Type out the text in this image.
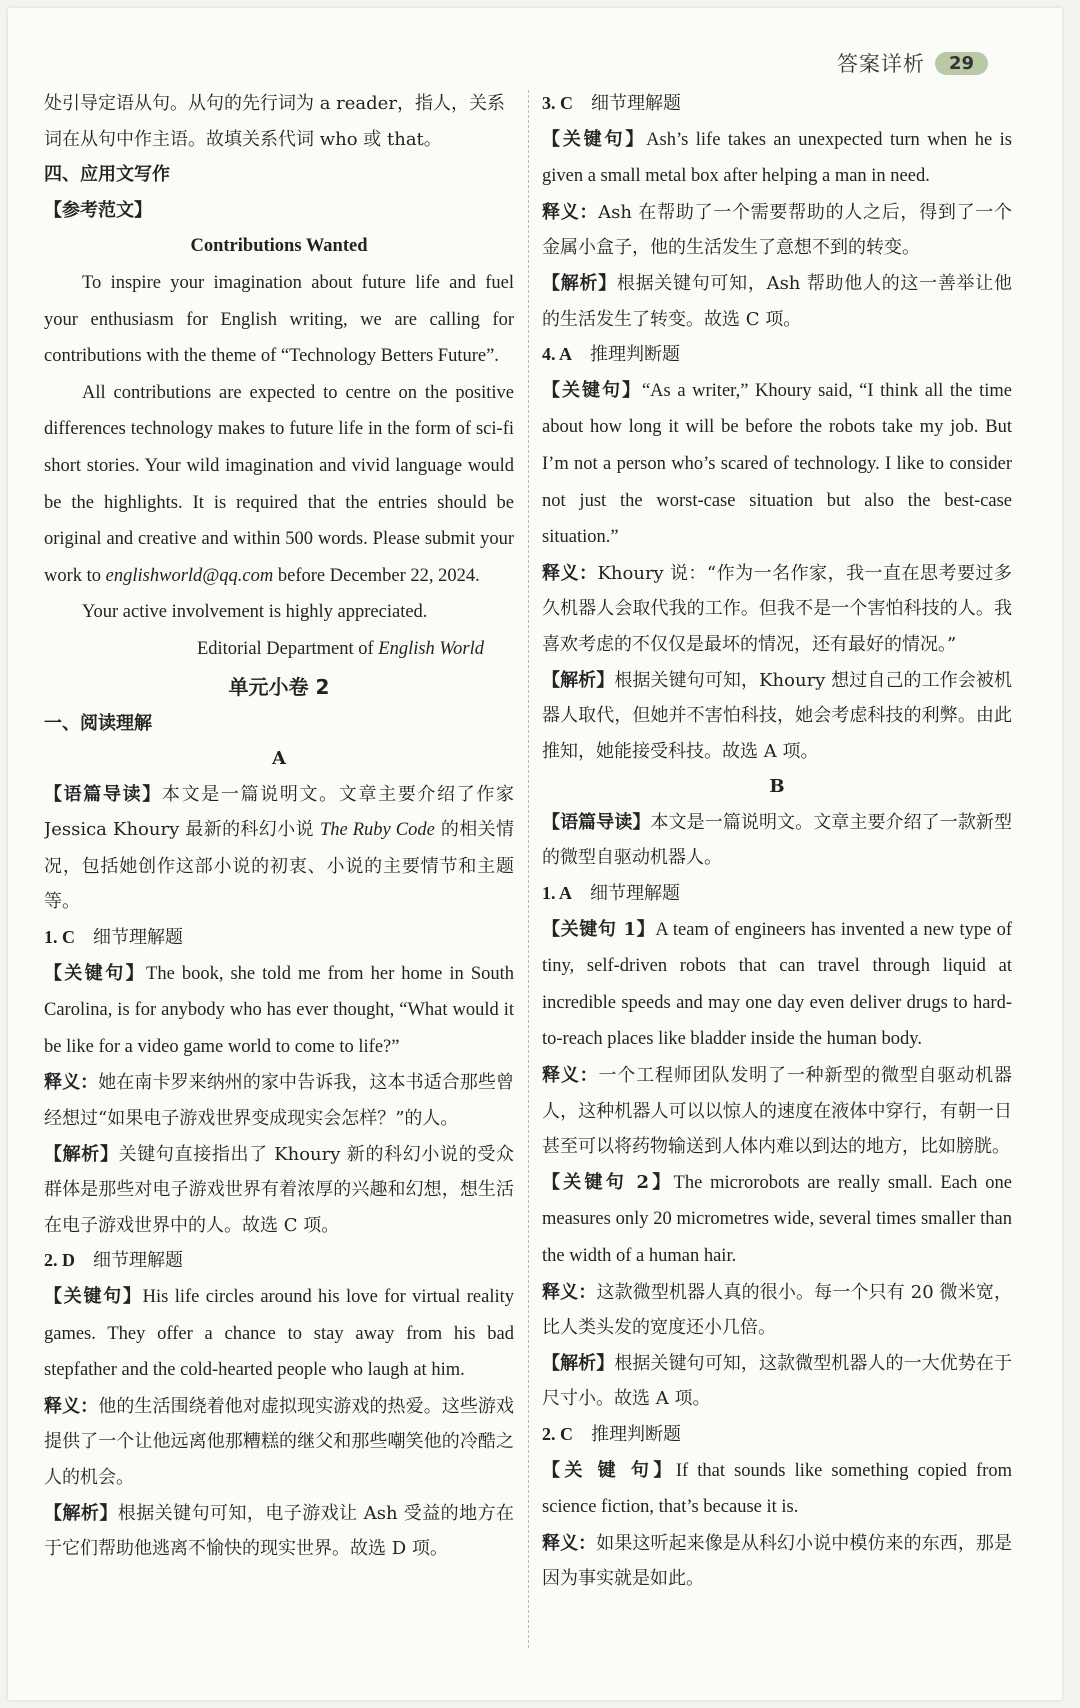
答案详析	29

处引导定语从句。从句的先行词为 a reader，指人，关系

词在从句中作主语。故填关系代词 who 或 that。

四、应用文写作

【参考范文】

Contributions Wanted

To inspire your imagination about future life and fuel your enthusiasm for English writing, we are calling for contributions with the theme of “Technology Betters Future”.

All contributions are expected to centre on the positive differences technology makes to future life in the form of sci-fi short stories. Your wild imagination and vivid language would be the highlights. It is required that the entries should be original and creative and within 500 words. Please submit your work to englishworld@qq.com before December 22, 2024.

Your active involvement is highly appreciated.

Editorial Department of English World

单元小卷 2

一、阅读理解

A

【语篇导读】本文是一篇说明文。文章主要介绍了作家 Jessica Khoury 最新的科幻小说 The Ruby Code 的相关情况，包括她创作这部小说的初衷、小说的主要情节和主题等。

1. C 细节理解题

【关键句】The book, she told me from her home in South Carolina, is for anybody who has ever thought, “What would it be like for a video game world to come to life?”

释义：她在南卡罗来纳州的家中告诉我，这本书适合那些曾经想过“如果电子游戏世界变成现实会怎样？”的人。

【解析】关键句直接指出了 Khoury 新的科幻小说的受众群体是那些对电子游戏世界有着浓厚的兴趣和幻想，想生活在电子游戏世界中的人。故选 C 项。

2. D 细节理解题

【关键句】His life circles around his love for virtual reality games. They offer a chance to stay away from his bad stepfather and the cold-hearted people who laugh at him.

释义：他的生活围绕着他对虚拟现实游戏的热爱。这些游戏提供了一个让他远离他那糟糕的继父和那些嘲笑他的冷酷之人的机会。

【解析】根据关键句可知，电子游戏让 Ash 受益的地方在于它们帮助他逃离不愉快的现实世界。故选 D 项。

3. C 细节理解题

【关键句】Ash’s life takes an unexpected turn when he is given a small metal box after helping a man in need.

释义：Ash 在帮助了一个需要帮助的人之后，得到了一个金属小盒子，他的生活发生了意想不到的转变。

【解析】根据关键句可知，Ash 帮助他人的这一善举让他的生活发生了转变。故选 C 项。

4. A 推理判断题

【关键句】“As a writer,” Khoury said, “I think all the time about how long it will be before the robots take my job. But I’m not a person who’s scared of technology. I like to consider not just the worst-case situation but also the best-case situation.”

释义：Khoury 说：“作为一名作家，我一直在思考要过多久机器人会取代我的工作。但我不是一个害怕科技的人。我喜欢考虑的不仅仅是最坏的情况，还有最好的情况。”

【解析】根据关键句可知，Khoury 想过自己的工作会被机器人取代，但她并不害怕科技，她会考虑科技的利弊。由此推知，她能接受科技。故选 A 项。

B

【语篇导读】本文是一篇说明文。文章主要介绍了一款新型的微型自驱动机器人。

1. A 细节理解题

【关键句 1】A team of engineers has invented a new type of tiny, self-driven robots that can travel through liquid at incredible speeds and may one day even deliver drugs to hard-to-reach places like bladder inside the human body.

释义：一个工程师团队发明了一种新型的微型自驱动机器人，这种机器人可以以惊人的速度在液体中穿行，有朝一日甚至可以将药物输送到人体内难以到达的地方，比如膀胱。

【关键句 2】The microrobots are really small. Each one measures only 20 micrometres wide, several times smaller than the width of a human hair.

释义：这款微型机器人真的很小。每一个只有 20 微米宽，比人类头发的宽度还小几倍。

【解析】根据关键句可知，这款微型机器人的一大优势在于尺寸小。故选 A 项。

2. C 推理判断题

【关 键 句】If that sounds like something copied from science fiction, that’s because it is.

释义：如果这听起来像是从科幻小说中模仿来的东西，那是因为事实就是如此。
